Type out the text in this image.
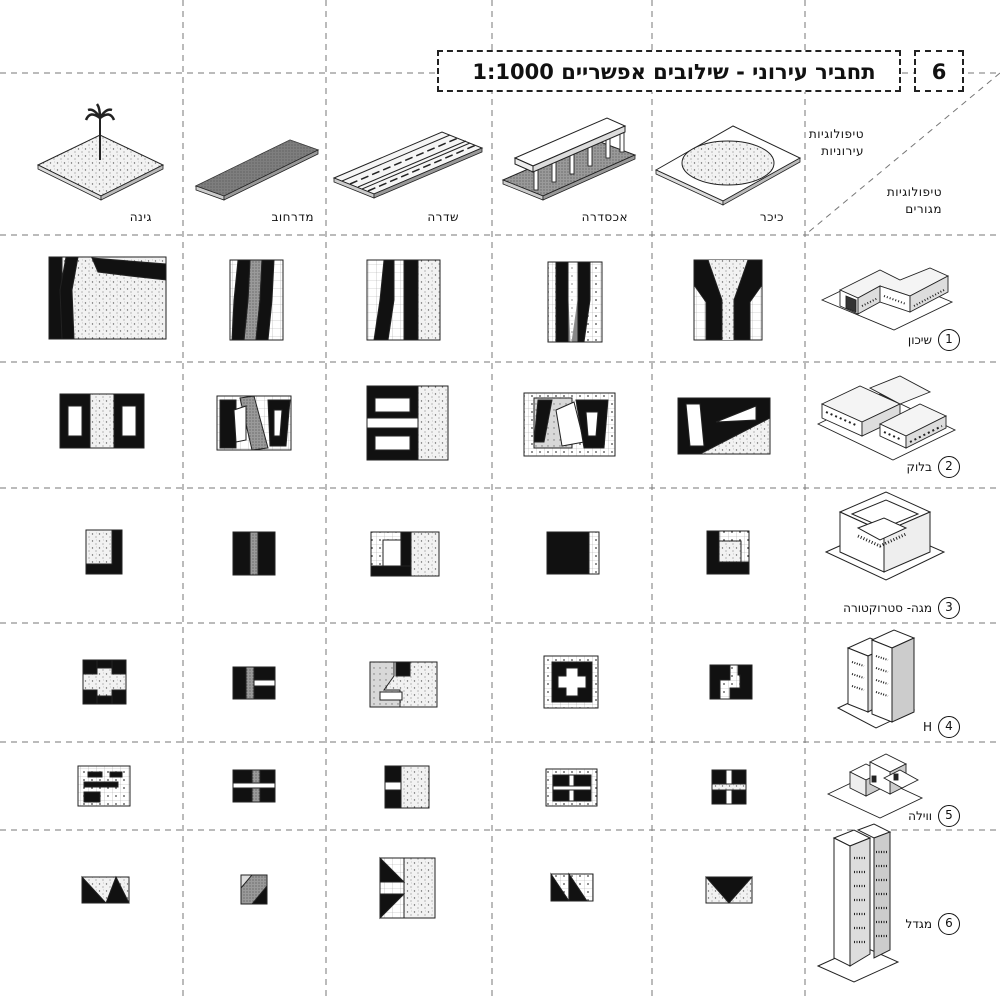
6
תחביר עירוני - שילובים אפשריים 1:1000
טיפולוגיות
עירוניות
טיפולוגיות
מגורים
כיכר
אכסדרה
שדרה
מדרחוב
גינה
1
שיכון
2
בלוק
3
מגה- סטרוקטורה
4
H
5
ווילה
6
מגדל
